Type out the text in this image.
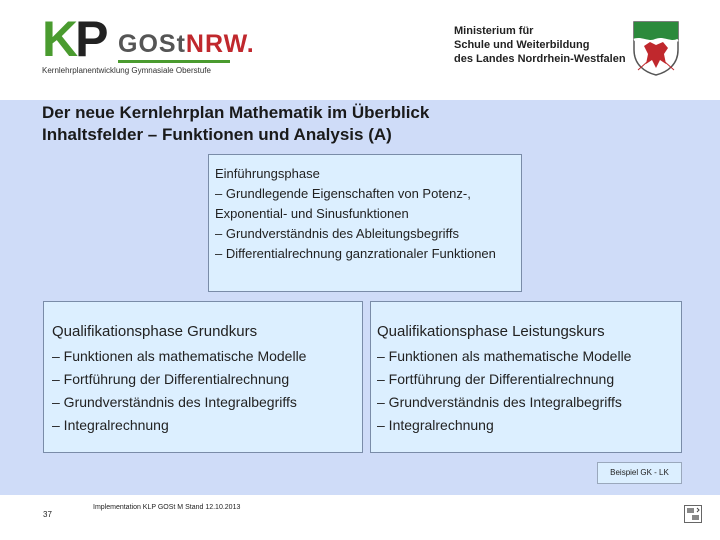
KP GOStNRW.
Kernlehrplanentwicklung Gymnasiale Oberstufe
Ministerium für
Schule und Weiterbildung
des Landes Nordrhein-Westfalen
Der neue Kernlehrplan Mathematik im Überblick
Inhaltsfelder – Funktionen und Analysis (A)
Einführungsphase
– Grundlegende Eigenschaften von Potenz-, Exponential- und Sinusfunktionen
– Grundverständnis des Ableitungsbegriffs
– Differentialrechnung ganzrationaler Funktionen
Qualifikationsphase Grundkurs
– Funktionen als mathematische Modelle
– Fortführung der Differentialrechnung
– Grundverständnis des Integralbegriffs
– Integralrechnung
Qualifikationsphase Leistungskurs
– Funktionen als mathematische Modelle
– Fortführung der Differentialrechnung
– Grundverständnis des Integralbegriffs
– Integralrechnung
Beispiel GK - LK
37
Implementation KLP GOSt M Stand 12.10.2013
